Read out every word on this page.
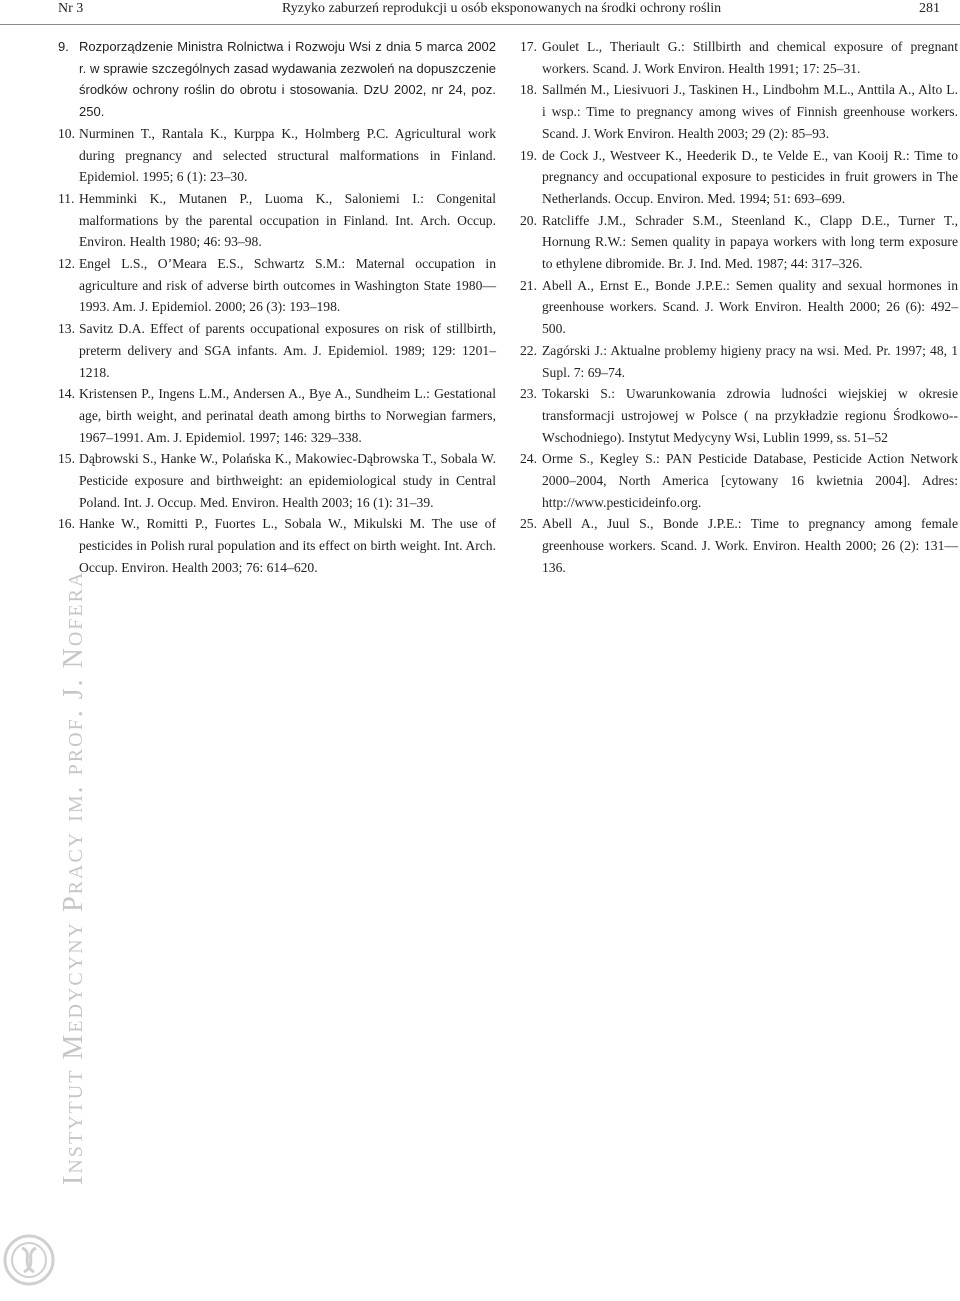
Nr 3	Ryzyko zaburzeń reprodukcji u osób eksponowanych na środki ochrony roślin	281

9. Rozporządzenie Ministra Rolnictwa i Rozwoju Wsi z dnia 5 marca 2002 r. w sprawie szczególnych zasad wydawania zezwoleń na dopuszczenie środków ochrony roślin do obrotu i stosowania. DzU 2002, nr 24, poz. 250.

10. Nurminen T., Rantala K., Kurppa K., Holmberg P.C. Agricultural work during pregnancy and selected structural malformations in Finland. Epidemiol. 1995; 6 (1): 23–30.

11. Hemminki K., Mutanen P., Luoma K., Saloniemi I.: Congenital malformations by the parental occupation in Finland. Int. Arch. Occup. Environ. Health 1980; 46: 93–98.

12. Engel L.S., O’Meara E.S., Schwartz S.M.: Maternal occupation in agriculture and risk of adverse birth outcomes in Washington State 1980––1993. Am. J. Epidemiol. 2000; 26 (3): 193–198.

13. Savitz D.A. Effect of parents occupational exposures on risk of stillbirth, preterm delivery and SGA infants. Am. J. Epidemiol. 1989; 129: 1201–1218.

14. Kristensen P., Ingens L.M., Andersen A., Bye A., Sundheim L.: Gestational age, birth weight, and perinatal death among births to Norwegian farmers, 1967–1991. Am. J. Epidemiol. 1997; 146: 329–338.

15. Dąbrowski S., Hanke W., Polańska K., Makowiec-Dąbrowska T., Sobala W. Pesticide exposure and birthweight: an epidemiological study in Central Poland. Int. J. Occup. Med. Environ. Health 2003; 16 (1): 31–39.

16. Hanke W., Romitti P., Fuortes L., Sobala W., Mikulski M. The use of pesticides in Polish rural population and its effect on birth weight. Int. Arch. Occup. Environ. Health 2003; 76: 614–620.

17. Goulet L., Theriault G.: Stillbirth and chemical exposure of pregnant workers. Scand. J. Work Environ. Health 1991; 17: 25–31.

18. Sallmén M., Liesivuori J., Taskinen H., Lindbohm M.L., Anttila A., Alto L. i wsp.: Time to pregnancy among wives of Finnish greenhouse workers. Scand. J. Work Environ. Health 2003; 29 (2): 85–93.

19. de Cock J., Westveer K., Heederik D., te Velde E., van Kooij R.: Time to pregnancy and occupational exposure to pesticides in fruit growers in The Netherlands. Occup. Environ. Med. 1994; 51: 693–699.

20. Ratcliffe J.M., Schrader S.M., Steenland K., Clapp D.E., Turner T., Hornung R.W.: Semen quality in papaya workers with long term exposure to ethylene dibromide. Br. J. Ind. Med. 1987; 44: 317–326.

21. Abell A., Ernst E., Bonde J.P.E.: Semen quality and sexual hormones in greenhouse workers. Scand. J. Work Environ. Health 2000; 26 (6): 492–500.

22. Zagórski J.: Aktualne problemy higieny pracy na wsi. Med. Pr. 1997; 48, 1 Supl. 7: 69–74.

23. Tokarski S.: Uwarunkowania zdrowia ludności wiejskiej w okresie transformacji ustrojowej w Polsce ( na przykładzie regionu Środkowo--Wschodniego). Instytut Medycyny Wsi, Lublin 1999, ss. 51–52

24. Orme S., Kegley S.: PAN Pesticide Database, Pesticide Action Network 2000–2004, North America [cytowany 16 kwietnia 2004]. Adres: http://www.pesticideinfo.org.

25. Abell A., Juul S., Bonde J.P.E.: Time to pregnancy among female greenhouse workers. Scand. J. Work. Environ. Health 2000; 26 (2): 131––136.

Instytut Medycyny Pracy im. prof. J. Nofera
